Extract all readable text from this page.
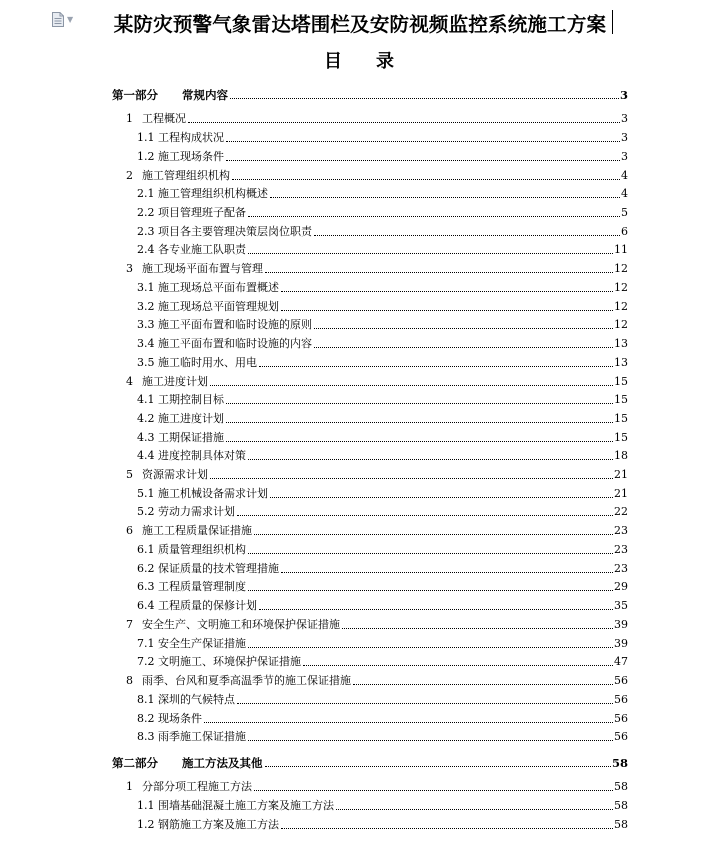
▼	某防灾预警气象雷达塔围栏及安防视频监控系统施工方案
目 录
第一部分 常规内容	3
1 工程概况	3
1.1 工程构成状况	3
1.2 施工现场条件	3
2 施工管理组织机构	4
2.1 施工管理组织机构概述	4
2.2 项目管理班子配备	5
2.3 项目各主要管理决策层岗位职责	6
2.4 各专业施工队职责	11
3 施工现场平面布置与管理	12
3.1 施工现场总平面布置概述	12
3.2 施工现场总平面管理规划	12
3.3 施工平面布置和临时设施的原则	12
3.4 施工平面布置和临时设施的内容	13
3.5 施工临时用水、用电	13
4 施工进度计划	15
4.1 工期控制目标	15
4.2 施工进度计划	15
4.3 工期保证措施	15
4.4 进度控制具体对策	18
5 资源需求计划	21
5.1 施工机械设备需求计划	21
5.2 劳动力需求计划	22
6 施工工程质量保证措施	23
6.1 质量管理组织机构	23
6.2 保证质量的技术管理措施	23
6.3 工程质量管理制度	29
6.4 工程质量的保修计划	35
7 安全生产、文明施工和环境保护保证措施	39
7.1 安全生产保证措施	39
7.2 文明施工、环境保护保证措施	47
8 雨季、台风和夏季高温季节的施工保证措施	56
8.1 深圳的气候特点	56
8.2 现场条件	56
8.3 雨季施工保证措施	56
第二部分 施工方法及其他	58
1 分部分项工程施工方法	58
1.1 围墙基础混凝土施工方案及施工方法	58
1.2 钢筋施工方案及施工方法	58
